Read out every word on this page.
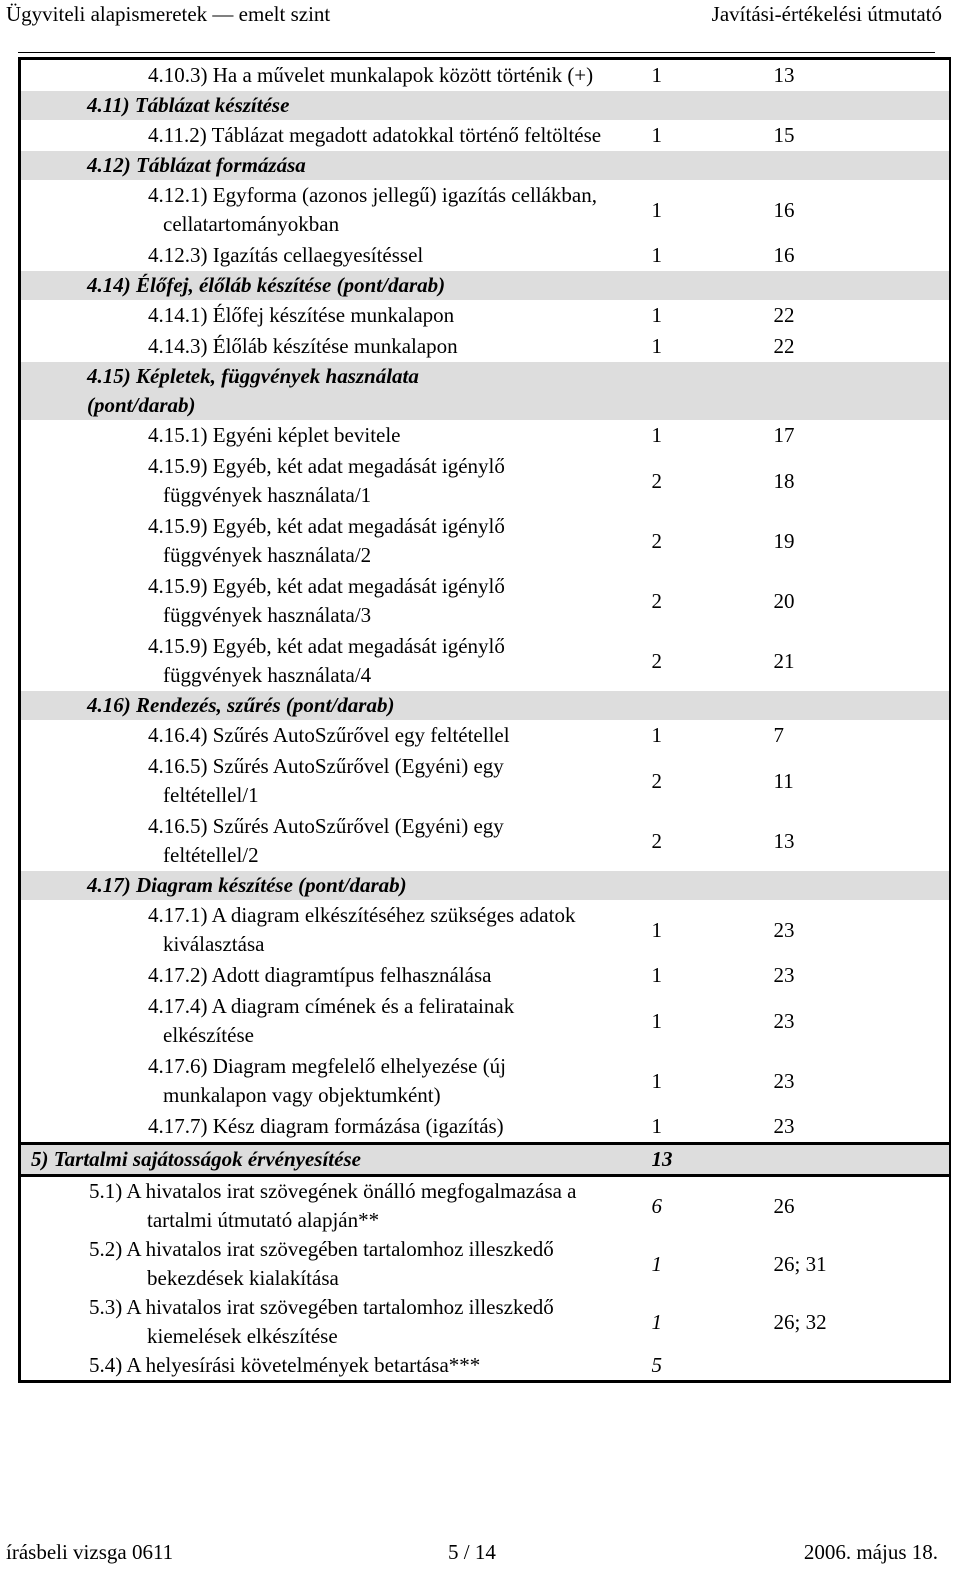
Ügyviteli alapismeretek — emelt szint	Javítási-értékelési útmutató
4.10.3) Ha a művelet munkalapok között történik (+)	1	13
4.11) Táblázat készítése		

4.11.2) Táblázat megadott adatokkal történő feltöltése	1	15
4.12) Táblázat formázása		

4.12.1) Egyforma (azonos jellegű) igazítás cellákban, cellatartományokban	1	16

4.12.3) Igazítás cellaegyesítéssel	1	16
4.14) Élőfej, élőláb készítése (pont/darab)		

4.14.1) Élőfej készítése munkalapon	1	22

4.14.3) Élőláb készítése munkalapon	1	22
4.15) Képletek, függvények használata (pont/darab)		

4.15.1) Egyéni képlet bevitele	1	17

4.15.9) Egyéb, két adat megadását igénylő függvények használata/1	2	18

4.15.9) Egyéb, két adat megadását igénylő függvények használata/2	2	19

4.15.9) Egyéb, két adat megadását igénylő függvények használata/3	2	20

4.15.9) Egyéb, két adat megadását igénylő függvények használata/4	2	21
4.16) Rendezés, szűrés (pont/darab)		

4.16.4) Szűrés AutoSzűrővel egy feltétellel	1	7

4.16.5) Szűrés AutoSzűrővel (Egyéni) egy feltétellel/1	2	11

4.16.5) Szűrés AutoSzűrővel (Egyéni) egy feltétellel/2	2	13
4.17) Diagram készítése (pont/darab)		

4.17.1) A diagram elkészítéséhez szükséges adatok kiválasztása	1	23

4.17.2) Adott diagramtípus felhasználása	1	23

4.17.4) A diagram címének és a feliratainak elkészítése	1	23

4.17.6) Diagram megfelelő elhelyezése (új munkalapon vagy objektumként)	1	23

4.17.7) Kész diagram formázása (igazítás)	1	23
5) Tartalmi sajátosságok érvényesítése	13	

5.1) A hivatalos irat szövegének önálló megfogalmazása a tartalmi útmutató alapján**	6	26

5.2) A hivatalos irat szövegében tartalomhoz illeszkedő bekezdések kialakítása	1	26; 31

5.3) A hivatalos irat szövegében tartalomhoz illeszkedő kiemelések elkészítése	1	26; 32

5.4) A helyesírási követelmények betartása***	5	
írásbeli vizsga 0611	5 / 14	2006. május 18.
